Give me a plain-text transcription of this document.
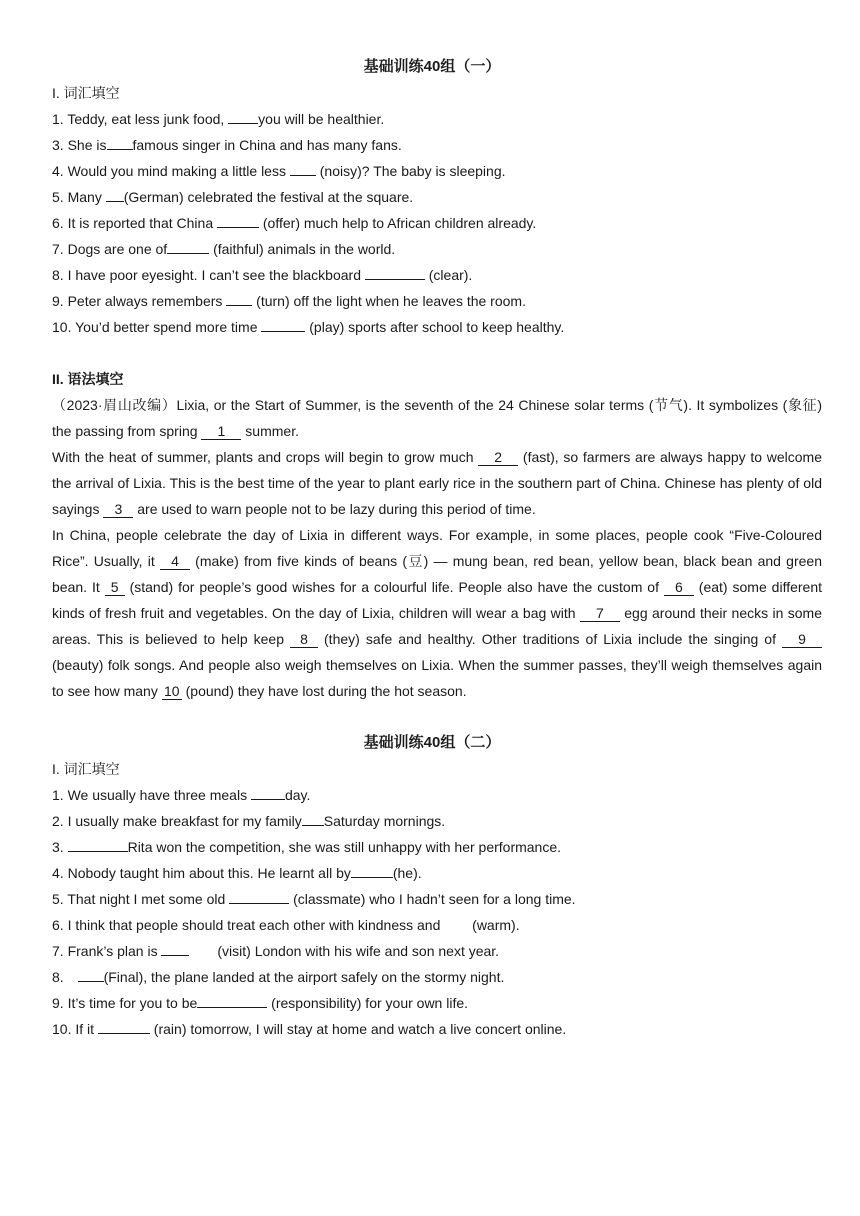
基础训练40组（一）
I. 词汇填空
1. Teddy, eat less junk food, you will be healthier.
3. She is famous singer in China and has many fans.
4. Would you mind making a little less  (noisy)? The baby is sleeping.
5. Many (German) celebrated the festival at the square.
6. It is reported that China	(offer) much help to African children already.
7. Dogs are one of	(faithful) animals in the world.
8. I have poor eyesight. I can’t see the blackboard	(clear).
9. Peter always remembers  (turn) off the light when he leaves the room.
10. You’d better spend more time	(play) sports after school to keep healthy.
II. 语法填空
（2023·眉山改编）Lixia, or the Start of Summer, is the seventh of the 24 Chinese solar terms (节气). It symbolizes (象征) the passing from spring 1 summer.
With the heat of summer, plants and crops will begin to grow much 2 (fast), so farmers are always happy to welcome the arrival of Lixia. This is the best time of the year to plant early rice in the southern part of China. Chinese has plenty of old sayings 3 are used to warn people not to be lazy during this period of time.
In China, people celebrate the day of Lixia in different ways. For example, in some places, people cook “Five-Coloured Rice”. Usually, it 4 (make) from five kinds of beans (豆) — mung bean, red bean, yellow bean, black bean and green bean. It 5 (stand) for people’s good wishes for a colourful life. People also have the custom of 6 (eat) some different kinds of fresh fruit and vegetables. On the day of Lixia, children will wear a bag with 7 egg around their necks in some areas. This is believed to help keep 8 (they) safe and healthy. Other traditions of Lixia include the singing of 9 (beauty) folk songs. And people also weigh themselves on Lixia. When the summer passes, they’ll weigh themselves again to see how many 10 (pound) they have lost during the hot season.
基础训练40组（二）
I. 词汇填空
1. We usually have three meals day.
2. I usually make breakfast for my family Saturday mornings.
3.	Rita won the competition, she was still unhappy with her performance.
4. Nobody taught him about this. He learnt all by	(he).
5. That night I met some old	(classmate) who I hadn’t seen for a long time.
6. I think that people should treat each other with kindness and  (warm).
7. Frank’s plan is	(visit) London with his wife and son next year.
8.	(Final), the plane landed at the airport safely on the stormy night.
9. It’s time for you to be	(responsibility) for your own life.
10. If it	(rain) tomorrow, I will stay at home and watch a live concert online.
